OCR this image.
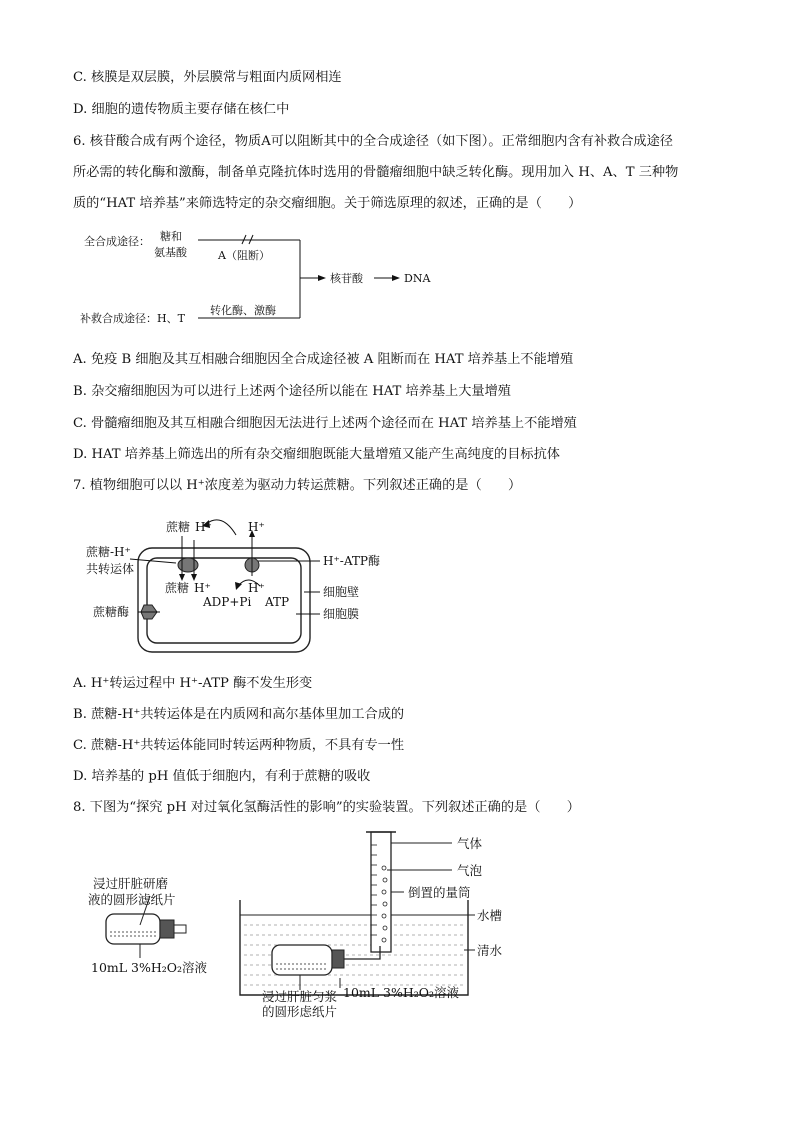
C. 核膜是双层膜，外层膜常与粗面内质网相连
D. 细胞的遗传物质主要存储在核仁中
6. 核苷酸合成有两个途径，物质A可以阻断其中的全合成途径（如下图）。正常细胞内含有补救合成途径
所必需的转化酶和激酶，制备单克隆抗体时选用的骨髓瘤细胞中缺乏转化酶。现用加入 H、A、T 三种物
质的“HAT 培养基”来筛选特定的杂交瘤细胞。关于筛选原理的叙述，正确的是（　　）
全合成途径： 糖和
氨基酸	A（阻断）
核苷酸	DNA
补救合成途径：H、T
转化酶、激酶
A. 免疫 B 细胞及其互相融合细胞因全合成途径被 A 阻断而在 HAT 培养基上不能增殖
B. 杂交瘤细胞因为可以进行上述两个途径所以能在 HAT 培养基上大量增殖
C. 骨髓瘤细胞及其互相融合细胞因无法进行上述两个途径而在 HAT 培养基上不能增殖
D. HAT 培养基上筛选出的所有杂交瘤细胞既能大量增殖又能产生高纯度的目标抗体
7. 植物细胞可以以 H⁺浓度差为驱动力转运蔗糖。下列叙述正确的是（　　）
蔗糖 H⁺	H⁺
蔗糖 H⁺	H⁺
ADP+Pi ATP
蔗糖-H⁺
共转运体
蔗糖酶
H⁺-ATP酶
细胞壁
细胞膜
A. H⁺转运过程中 H⁺-ATP 酶不发生形变
B. 蔗糖-H⁺共转运体是在内质网和高尔基体里加工合成的
C. 蔗糖-H⁺共转运体能同时转运两种物质，不具有专一性
D. 培养基的 pH 值低于细胞内，有利于蔗糖的吸收
8. 下图为“探究 pH 对过氧化氢酶活性的影响”的实验装置。下列叙述正确的是（　　）
浸过肝脏研磨
液的圆形滤纸片
10mL 3%H₂O₂溶液
气体
气泡
倒置的量筒
水槽
清水
10mL 3%H₂O₂溶液
浸过肝脏匀浆
的圆形虑纸片
